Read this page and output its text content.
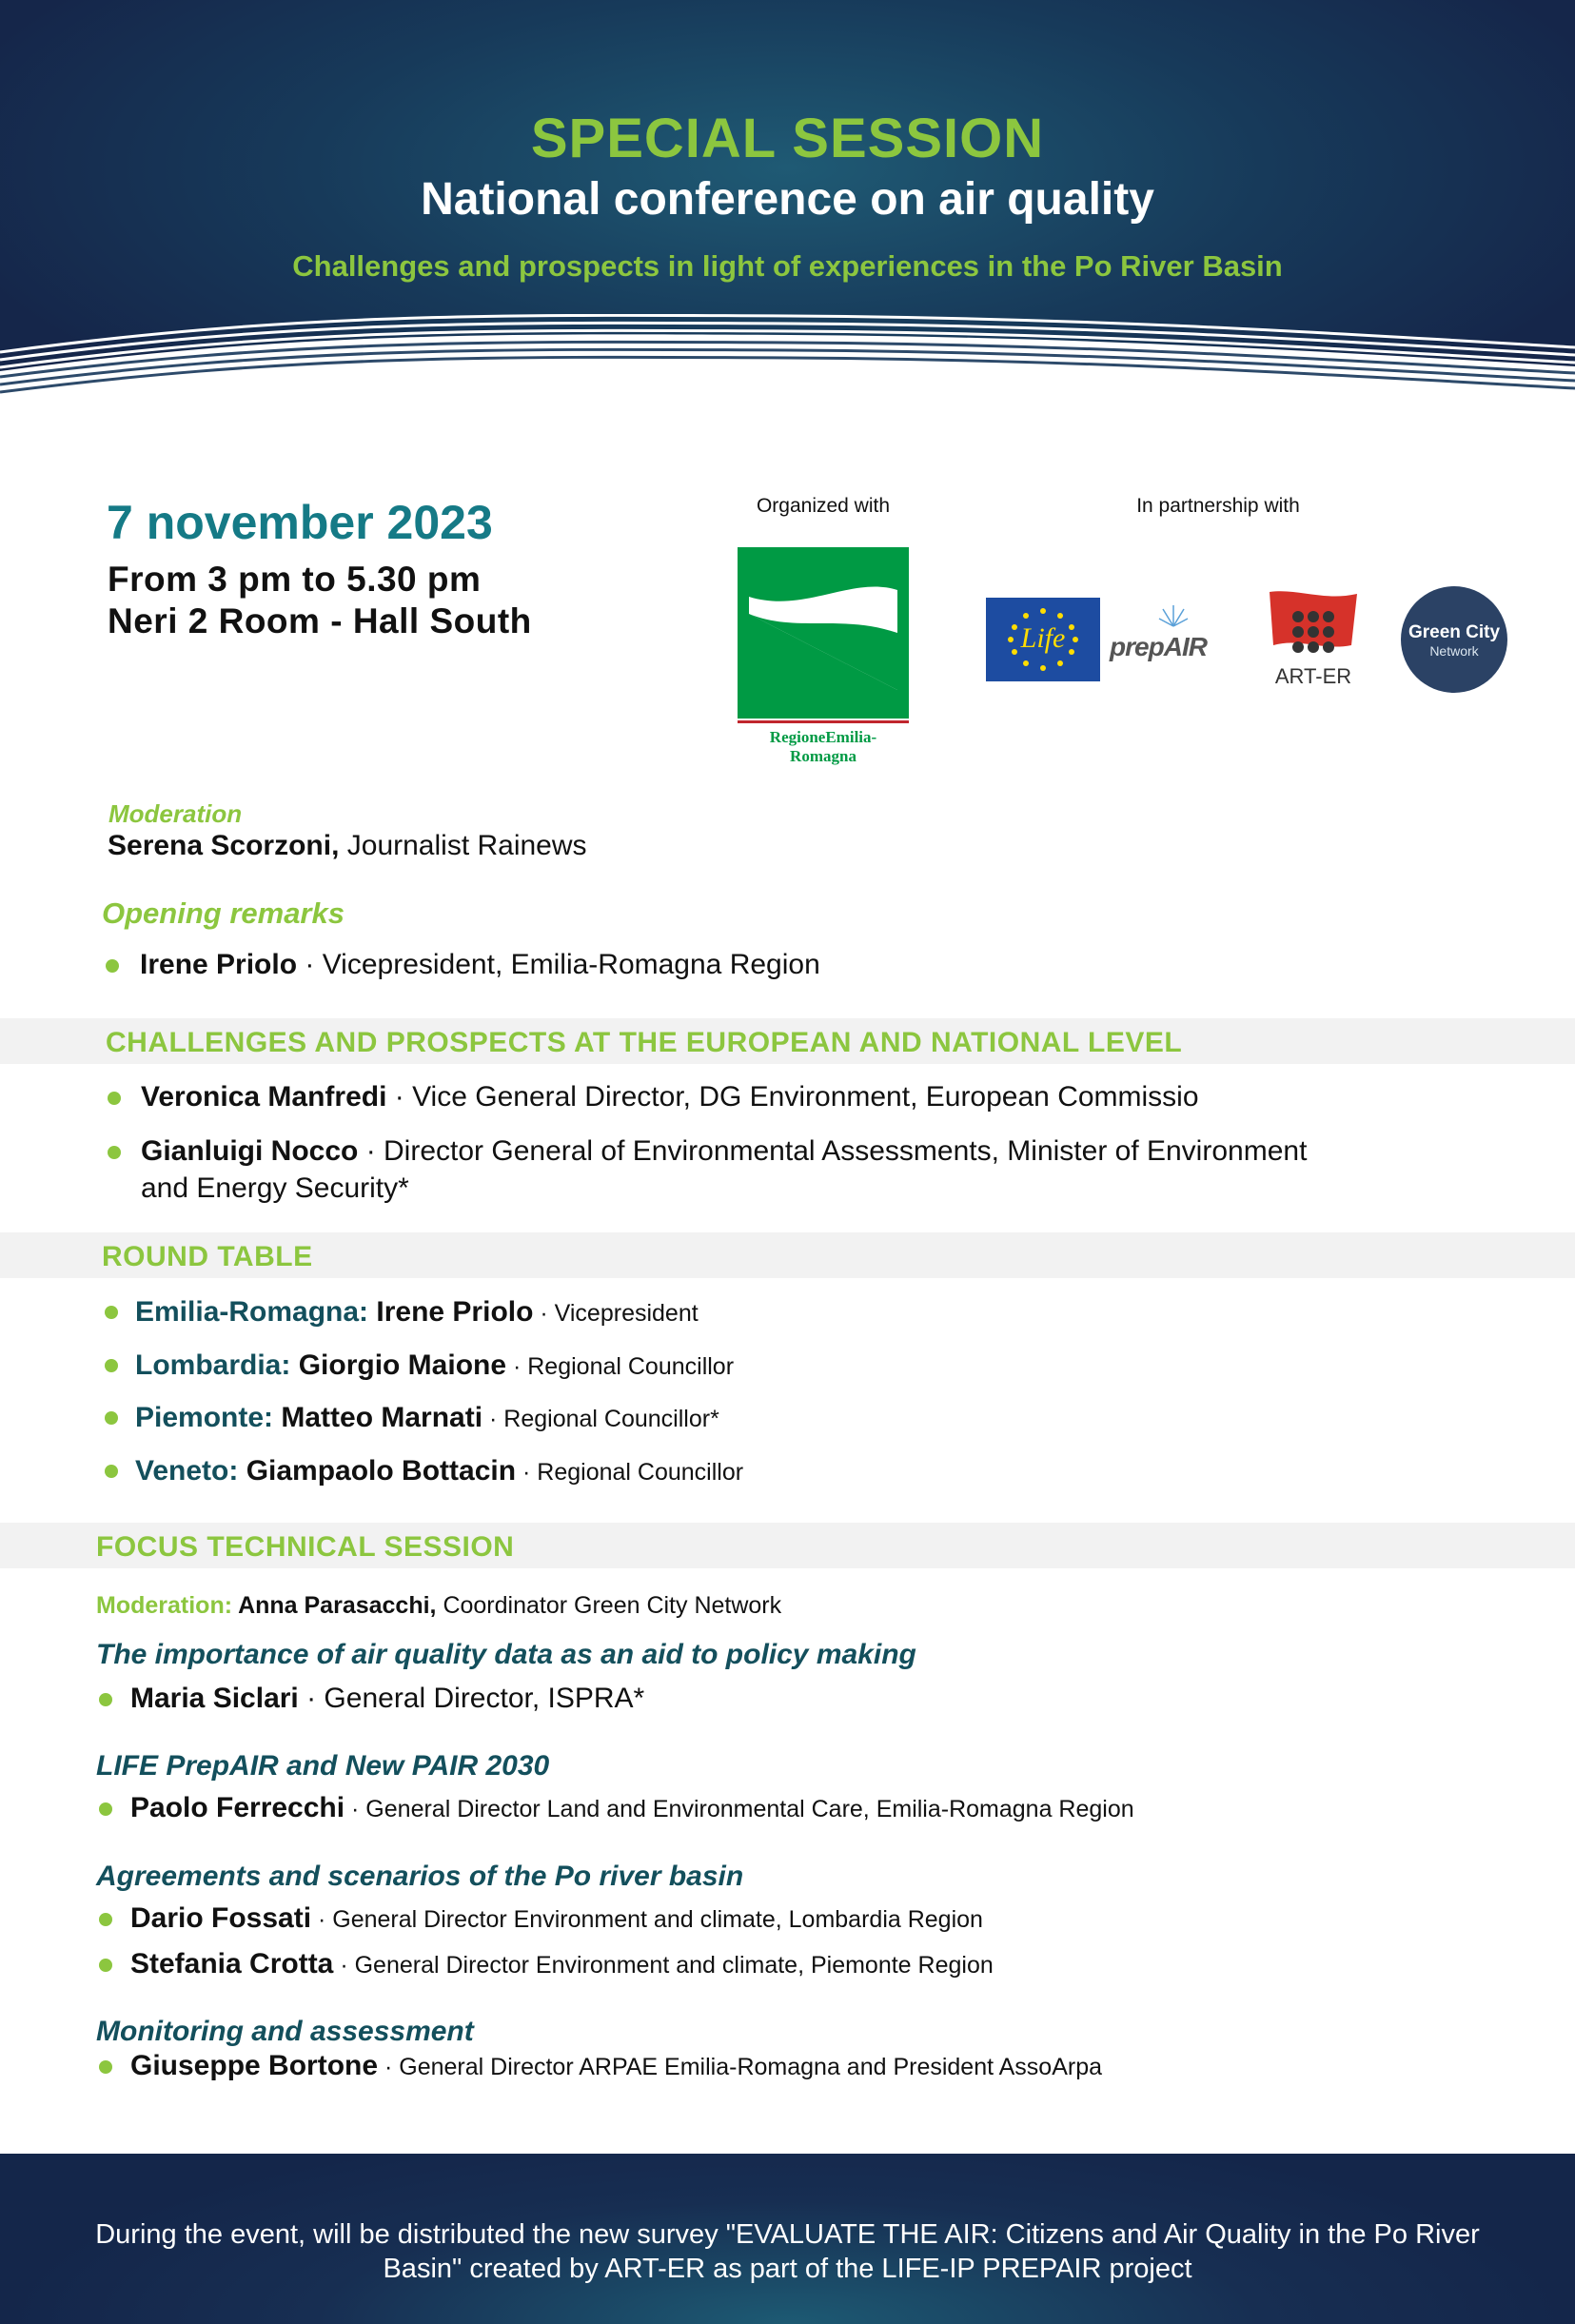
SPECIAL SESSION
National conference on air quality
Challenges and prospects in light of experiences in the Po River Basin
7 november 2023
From 3 pm to 5.30 pm
Neri 2 Room - Hall South
Organized with	In partnership with
RegioneEmilia-Romagna
Life	prepAIR
ART-ER
Green City
Network
Moderation
Serena Scorzoni, Journalist Rainews
Opening remarks
Irene Priolo · Vicepresident, Emilia-Romagna Region
CHALLENGES AND PROSPECTS AT THE EUROPEAN AND NATIONAL LEVEL
Veronica Manfredi · Vice General Director, DG Environment, European Commissio
Gianluigi Nocco · Director General of Environmental Assessments, Minister of Environment
and Energy Security*
ROUND TABLE
Emilia-Romagna: Irene Priolo · Vicepresident
Lombardia: Giorgio Maione · Regional Councillor
Piemonte: Matteo Marnati · Regional Councillor*
Veneto: Giampaolo Bottacin · Regional Councillor
FOCUS TECHNICAL SESSION
Moderation: Anna Parasacchi, Coordinator Green City Network
The importance of air quality data as an aid to policy making
Maria Siclari · General Director, ISPRA*
LIFE PrepAIR and New PAIR 2030
Paolo Ferrecchi · General Director Land and Environmental Care, Emilia-Romagna Region
Agreements and scenarios of the Po river basin
Dario Fossati · General Director Environment and climate, Lombardia Region
Stefania Crotta · General Director Environment and climate, Piemonte Region
Monitoring and assessment
Giuseppe Bortone · General Director ARPAE Emilia-Romagna and President AssoArpa
During the event, will be distributed the new survey "EVALUATE THE AIR: Citizens and Air Quality in the Po River Basin" created by ART-ER as part of the LIFE-IP PREPAIR project
